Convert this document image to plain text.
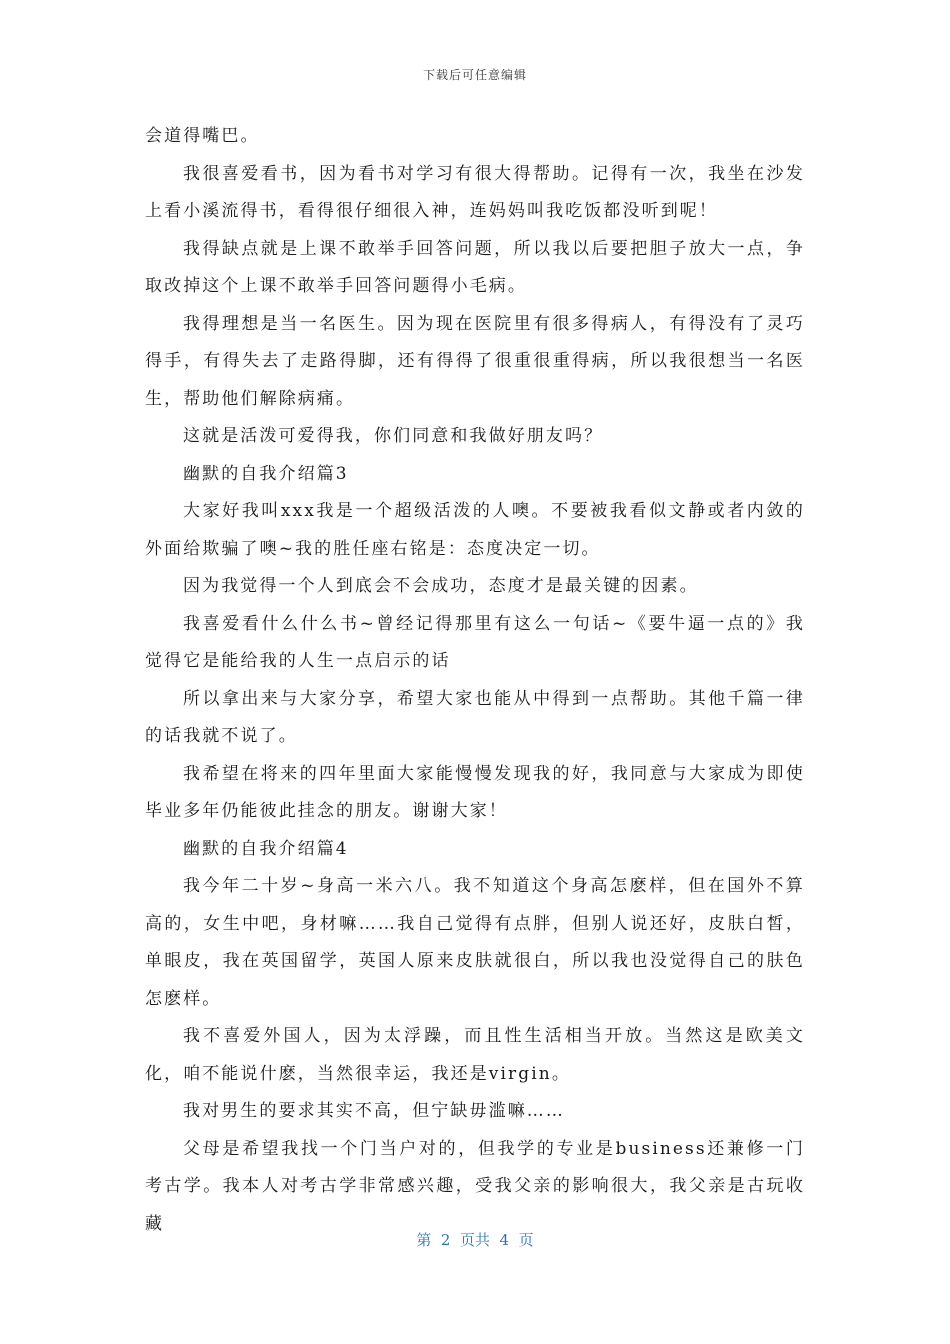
下载后可任意编辑

会道得嘴巴。

我很喜爱看书，因为看书对学习有很大得帮助。记得有一次，我坐在沙发上看小溪流得书，看得很仔细很入神，连妈妈叫我吃饭都没听到呢！

我得缺点就是上课不敢举手回答问题，所以我以后要把胆子放大一点，争取改掉这个上课不敢举手回答问题得小毛病。

我得理想是当一名医生。因为现在医院里有很多得病人，有得没有了灵巧得手，有得失去了走路得脚，还有得得了很重很重得病，所以我很想当一名医生，帮助他们解除病痛。

这就是活泼可爱得我，你们同意和我做好朋友吗？

幽默的自我介绍篇3

大家好我叫xxx我是一个超级活泼的人噢。不要被我看似文静或者内敛的外面给欺骗了噢~我的胜任座右铭是：态度决定一切。

因为我觉得一个人到底会不会成功，态度才是最关键的因素。

我喜爱看什么什么书~曾经记得那里有这么一句话~《要牛逼一点的》我觉得它是能给我的人生一点启示的话

所以拿出来与大家分享，希望大家也能从中得到一点帮助。其他千篇一律的话我就不说了。

我希望在将来的四年里面大家能慢慢发现我的好，我同意与大家成为即使毕业多年仍能彼此挂念的朋友。谢谢大家！

幽默的自我介绍篇4

我今年二十岁~身高一米六八。我不知道这个身高怎麽样，但在国外不算高的，女生中吧，身材嘛……我自己觉得有点胖，但别人说还好，皮肤白皙，单眼皮，我在英国留学，英国人原来皮肤就很白，所以我也没觉得自己的肤色怎麽样。

我不喜爱外国人，因为太浮躁，而且性生活相当开放。当然这是欧美文化，咱不能说什麽，当然很幸运，我还是virgin。

我对男生的要求其实不高，但宁缺毋滥嘛……

父母是希望我找一个门当户对的，但我学的专业是business还兼修一门考古学。我本人对考古学非常感兴趣，受我父亲的影响很大，我父亲是古玩收藏

第  2  页共  4  页
